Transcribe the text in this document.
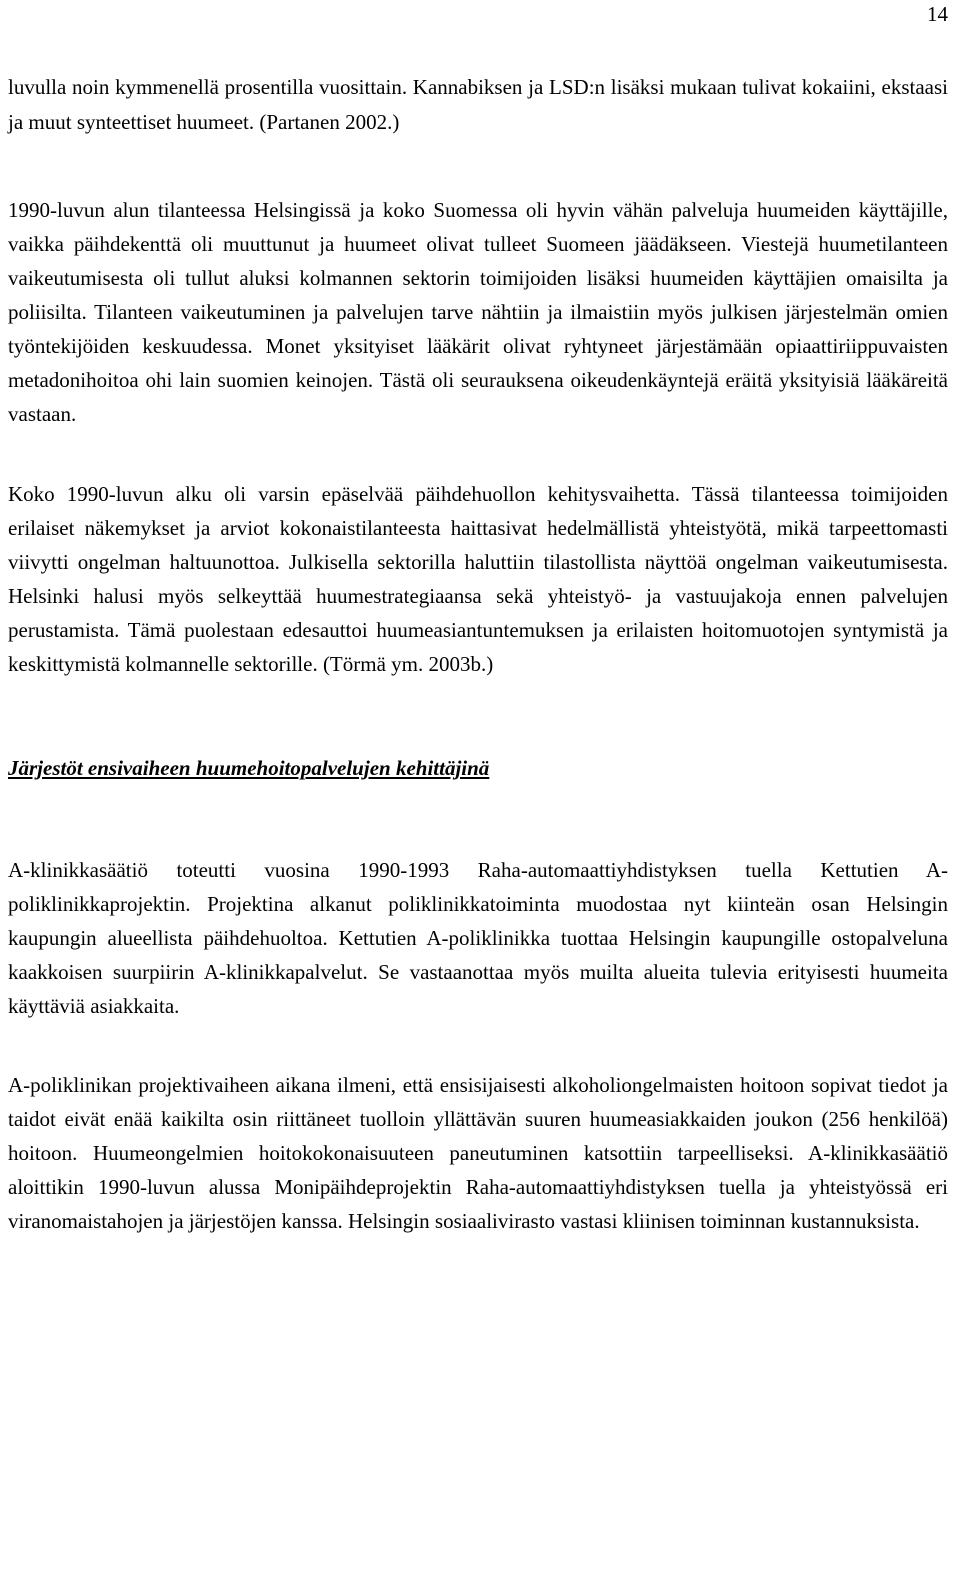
14

luvulla noin kymmenellä prosentilla vuosittain. Kannabiksen ja LSD:n lisäksi mukaan tulivat kokaiini, ekstaasi ja muut synteettiset huumeet. (Partanen 2002.)

1990-luvun alun tilanteessa Helsingissä ja koko Suomessa oli hyvin vähän palveluja huumeiden käyttäjille, vaikka päihdekenttä oli muuttunut ja huumeet olivat tulleet Suomeen jäädäkseen. Viestejä huumetilanteen vaikeutumisesta oli tullut aluksi kolmannen sektorin toimijoiden lisäksi huumeiden käyttäjien omaisilta ja poliisilta. Tilanteen vaikeutuminen ja palvelujen tarve nähtiin ja ilmaistiin myös julkisen järjestelmän omien työntekijöiden keskuudessa. Monet yksityiset lääkärit olivat ryhtyneet järjestämään opiaattiriippuvaisten metadonihoitoa ohi lain suomien keinojen. Tästä oli seurauksena oikeudenkäyntejä eräitä yksityisiä lääkäreitä vastaan.

Koko 1990-luvun alku oli varsin epäselvää päihdehuollon kehitysvaihetta. Tässä tilanteessa toimijoiden erilaiset näkemykset ja arviot kokonaistilanteesta haittasivat hedelmällistä yhteistyötä, mikä tarpeettomasti viivytti ongelman haltuunottoa. Julkisella sektorilla haluttiin tilastollista näyttöä ongelman vaikeutumisesta. Helsinki halusi myös selkeyttää huumestrategiaansa sekä yhteistyö- ja vastuujakoja ennen palvelujen perustamista. Tämä puolestaan edesauttoi huumeasiantuntemuksen ja erilaisten hoitomuotojen syntymistä ja keskittymistä kolmannelle sektorille. (Törmä ym. 2003b.)

Järjestöt ensivaiheen huumehoitopalvelujen kehittäjinä

A-klinikkasäätiö toteutti vuosina 1990-1993 Raha-automaattiyhdistyksen tuella Kettutien A-poliklinikkaprojektin. Projektina alkanut poliklinikkatoiminta muodostaa nyt kiinteän osan Helsingin kaupungin alueellista päihdehuoltoa. Kettutien A-poliklinikka tuottaa Helsingin kaupungille ostopalveluna kaakkoisen suurpiirin A-klinikkapalvelut. Se vastaanottaa myös muilta alueita tulevia erityisesti huumeita käyttäviä asiakkaita.

A-poliklinikan projektivaiheen aikana ilmeni, että ensisijaisesti alkoholiongelmaisten hoitoon sopivat tiedot ja taidot eivät enää kaikilta osin riittäneet tuolloin yllättävän suuren huumeasiakkaiden joukon (256 henkilöä) hoitoon. Huumeongelmien hoitokokonaisuuteen paneutuminen katsottiin tarpeelliseksi. A-klinikkasäätiö aloittikin 1990-luvun alussa Monipäihdeprojektin Raha-automaattiyhdistyksen tuella ja yhteistyössä eri viranomaistahojen ja järjestöjen kanssa. Helsingin sosiaalivirasto vastasi kliinisen toiminnan kustannuksista.
